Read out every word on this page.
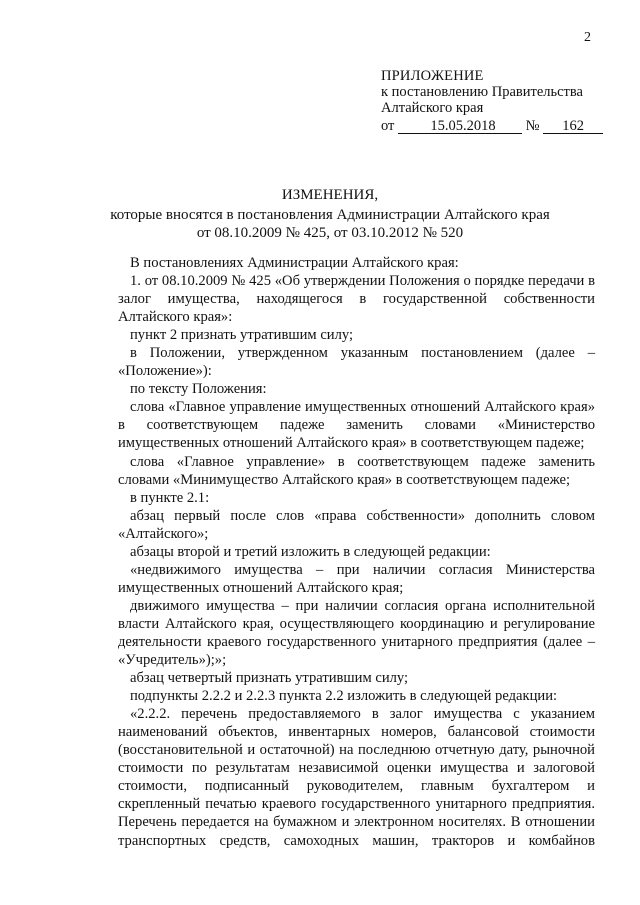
2
ПРИЛОЖЕНИЕ
к постановлению Правительства
Алтайского края
от 15.05.2018 № 162
ИЗМЕНЕНИЯ,
которые вносятся в постановления Администрации Алтайского края
от 08.10.2009 № 425, от 03.10.2012 № 520

В постановлениях Администрации Алтайского края:

1. от 08.10.2009 № 425 «Об утверждении Положения о порядке передачи в залог имущества, находящегося в государственной собственности Алтайского края»:

пункт 2 признать утратившим силу;

в Положении, утвержденном указанным постановлением (далее – «Положение»):

по тексту Положения:

слова «Главное управление имущественных отношений Алтайского края» в соответствующем падеже заменить словами «Министерство имущественных отношений Алтайского края» в соответствующем падеже;

слова «Главное управление» в соответствующем падеже заменить словами «Минимущество Алтайского края» в соответствующем падеже;

в пункте 2.1:

абзац первый после слов «права собственности» дополнить словом «Алтайского»;

абзацы второй и третий изложить в следующей редакции:

«недвижимого имущества – при наличии согласия Министерства имущественных отношений Алтайского края;

движимого имущества – при наличии согласия органа исполнительной власти Алтайского края, осуществляющего координацию и регулирование деятельности краевого государственного унитарного предприятия (далее – «Учредитель»);»;

абзац четвертый признать утратившим силу;

подпункты 2.2.2 и 2.2.3 пункта 2.2 изложить в следующей редакции:

«2.2.2. перечень предоставляемого в залог имущества с указанием наименований объектов, инвентарных номеров, балансовой стоимости (восстановительной и остаточной) на последнюю отчетную дату, рыночной стоимости по результатам независимой оценки имущества и залоговой стоимости, подписанный руководителем, главным бухгалтером и скрепленный печатью краевого государственного унитарного предприятия. Перечень передается на бумажном и электронном носителях. В отношении транспортных средств, самоходных машин, тракторов и комбайнов
